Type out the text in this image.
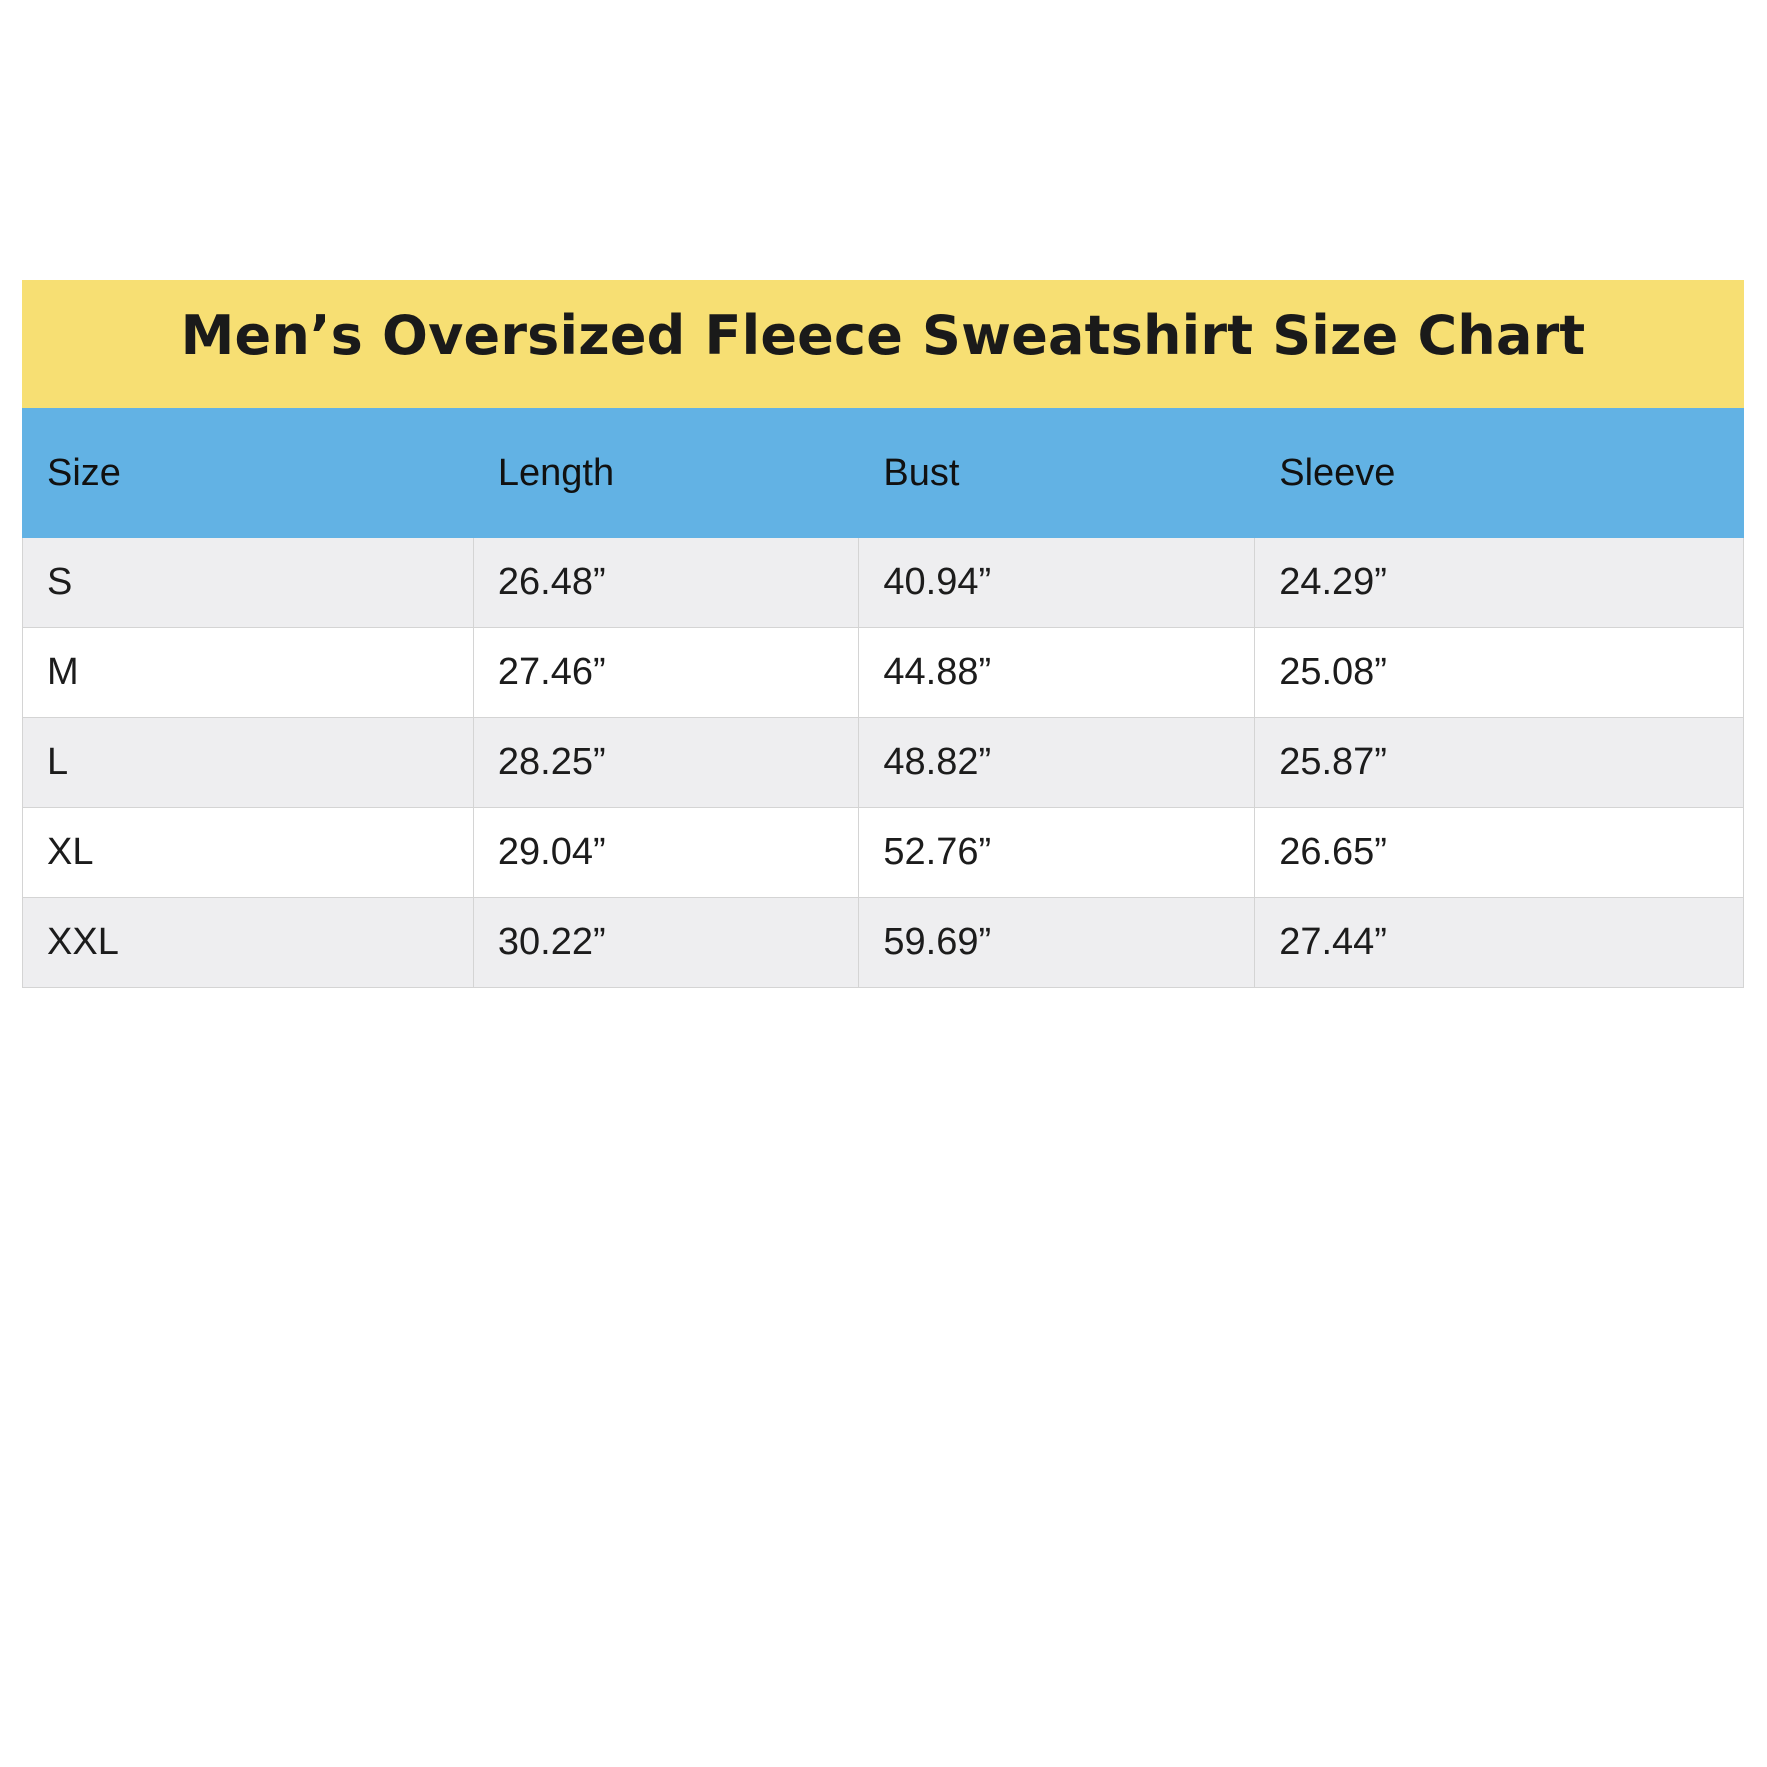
Men’s Oversized Fleece Sweatshirt Size Chart
Size	Length	Bust	Sleeve
S	26.48”	40.94”	24.29”
M	27.46”	44.88”	25.08”
L	28.25”	48.82”	25.87”
XL	29.04”	52.76”	26.65”
XXL	30.22”	59.69”	27.44”
